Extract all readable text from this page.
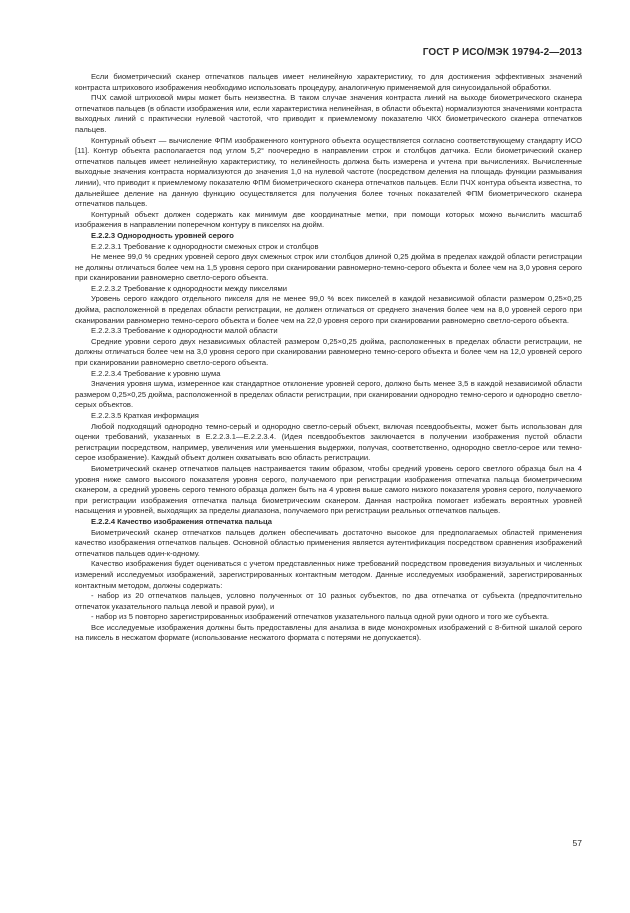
ГОСТ Р ИСО/МЭК 19794-2—2013

Если биометрический сканер отпечатков пальцев имеет нелинейную характеристику, то для достижения эффективных значений контраста штрихового изображения необходимо использовать процедуру, аналогичную применяемой для синусоидальной обработки.

ПЧХ самой штриховой миры может быть неизвестна. В таком случае значения контраста линий на выходе биометрического сканера отпечатков пальцев (в области изображения или, если характеристика нелинейная, в области объекта) нормализуются значениями контраста выходных линий с практически нулевой частотой, что приводит к приемлемому показателю ЧКХ биометрического сканера отпечатков пальцев.

Контурный объект — вычисление ФПМ изображенного контурного объекта осуществляется согласно соответствующему стандарту ИСО [11]. Контур объекта располагается под углом 5,2° поочередно в направлении строк и столбцов датчика. Если биометрический сканер отпечатков пальцев имеет нелинейную характеристику, то нелинейность должна быть измерена и учтена при вычислениях. Вычисленные выходные значения контраста нормализуются до значения 1,0 на нулевой частоте (посредством деления на площадь функции размывания линии), что приводит к приемлемому показателю ФПМ биометрического сканера отпечатков пальцев. Если ПЧХ контура объекта известна, то дальнейшее деление на данную функцию осуществляется для получения более точных показателей ФПМ биометрического сканера отпечатков пальцев.

Контурный объект должен содержать как минимум две координатные метки, при помощи которых можно вычислить масштаб изображения в направлении поперечном контуру в пикселях на дюйм.

Е.2.2.3 Однородность уровней серого

Е.2.2.3.1 Требование к однородности смежных строк и столбцов

Не менее 99,0 % средних уровней серого двух смежных строк или столбцов длиной 0,25 дюйма в пределах каждой области регистрации не должны отличаться более чем на 1,5 уровня серого при сканировании равномерно-темно-серого объекта и более чем на 3,0 уровня серого при сканировании равномерно светло-серого объекта.

Е.2.2.3.2 Требование к однородности между пикселями

Уровень серого каждого отдельного пикселя для не менее 99,0 % всех пикселей в каждой независимой области размером 0,25×0,25 дюйма, расположенной в пределах области регистрации, не должен отличаться от среднего значения более чем на 8,0 уровней серого при сканировании равномерно темно-серого объекта и более чем на 22,0 уровня серого при сканировании равномерно светло-серого объекта.

Е.2.2.3.3 Требование к однородности малой области

Средние уровни серого двух независимых областей размером 0,25×0,25 дюйма, расположенных в пределах области регистрации, не должны отличаться более чем на 3,0 уровня серого при сканировании равномерно темно-серого объекта и более чем на 12,0 уровней серого при сканировании равномерно светло-серого объекта.

Е.2.2.3.4 Требование к уровню шума

Значения уровня шума, измеренное как стандартное отклонение уровней серого, должно быть менее 3,5 в каждой независимой области размером 0,25×0,25 дюйма, расположенной в пределах области регистрации, при сканировании однородно темно-серого и однородно светло-серых объектов.

Е.2.2.3.5 Краткая информация

Любой подходящий однородно темно-серый и однородно светло-серый объект, включая псевдообъекты, может быть использован для оценки требований, указанных в Е.2.2.3.1—Е.2.2.3.4. (Идея псевдообъектов заключается в получении изображения пустой области регистрации посредством, например, увеличения или уменьшения выдержки, получая, соответственно, однородно светло-серое или темно-серое изображение). Каждый объект должен охватывать всю область регистрации.

Биометрический сканер отпечатков пальцев настраивается таким образом, чтобы средний уровень серого светлого образца был на 4 уровня ниже самого высокого показателя уровня серого, получаемого при регистрации изображения отпечатка пальца биометрическим сканером, а средний уровень серого темного образца должен быть на 4 уровня выше самого низкого показателя уровня серого, получаемого при регистрации изображения отпечатка пальца биометрическим сканером. Данная настройка помогает избежать вероятных уровней насыщения и уровней, выходящих за пределы диапазона, получаемого при регистрации реальных отпечатков пальцев.

Е.2.2.4 Качество изображения отпечатка пальца

Биометрический сканер отпечатков пальцев должен обеспечивать достаточно высокое для предполагаемых областей применения качество изображения отпечатков пальцев. Основной областью применения является аутентификация посредством сравнения изображений отпечатков пальцев один-к-одному.

Качество изображения будет оцениваться с учетом представленных ниже требований посредством проведения визуальных и численных измерений исследуемых изображений, зарегистрированных контактным методом. Данные исследуемых изображений, зарегистрированных контактным методом, должны содержать:

- набор из 20 отпечатков пальцев, условно полученных от 10 разных субъектов, по два отпечатка от субъекта (предпочтительно отпечаток указательного пальца левой и правой руки), и

- набор из 5 повторно зарегистрированных изображений отпечатков указательного пальца одной руки одного и того же субъекта.

Все исследуемые изображения должны быть предоставлены для анализа в виде монохромных изображений с 8-битной шкалой серого на пиксель в несжатом формате (использование несжатого формата с потерями не допускается).

57
